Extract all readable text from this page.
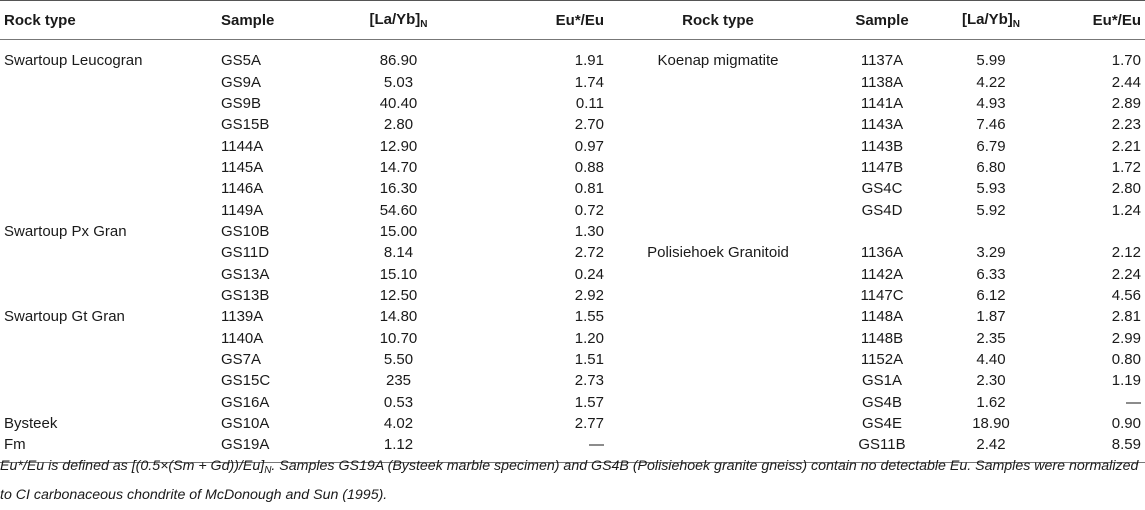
Rock type	Sample	$[La/Yb]_N$	Eu*/Eu	Rock type	Sample	$[La/Yb]_N$	Eu*/Eu
Swartoup Leucogran	GS5A	86.90	1.91	Koenap migmatite	1137A	5.99	1.70
	GS9A	5.03	1.74		1138A	4.22	2.44
	GS9B	40.40	0.11		1141A	4.93	2.89
	GS15B	2.80	2.70		1143A	7.46	2.23
	1144A	12.90	0.97		1143B	6.79	2.21
	1145A	14.70	0.88		1147B	6.80	1.72
	1146A	16.30	0.81		GS4C	5.93	2.80
	1149A	54.60	0.72		GS4D	5.92	1.24
Swartoup Px Gran	GS10B	15.00	1.30				
	GS11D	8.14	2.72	Polisiehoek Granitoid	1136A	3.29	2.12
	GS13A	15.10	0.24		1142A	6.33	2.24
	GS13B	12.50	2.92		1147C	6.12	4.56
Swartoup Gt Gran	1139A	14.80	1.55		1148A	1.87	2.81
	1140A	10.70	1.20		1148B	2.35	2.99
	GS7A	5.50	1.51		1152A	4.40	0.80
	GS15C	235	2.73		GS1A	2.30	1.19
	GS16A	0.53	1.57		GS4B	1.62	—
Bysteek	GS10A	4.02	2.77		GS4E	18.90	0.90
Fm	GS19A	1.12	—		GS11B	2.42	8.59

Eu*/Eu is defined as $[(0.5\times(Sm + Gd))/Eu]_N$. Samples GS19A (Bysteek marble specimen) and GS4B (Polisiehoek granite gneiss) contain no detectable Eu. Samples were normalized to CI carbonaceous chondrite of McDonough and Sun (1995).
